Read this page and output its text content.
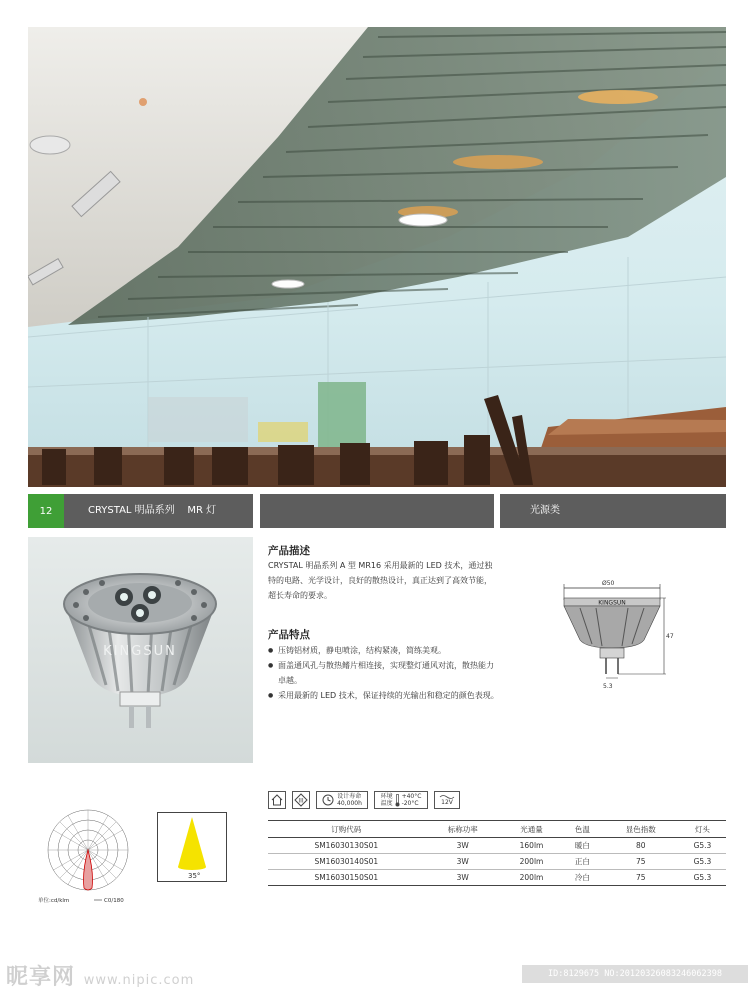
12	CRYSTAL 明晶系列    MR 灯	光源类
KINGSUN
产品描述
CRYSTAL 明晶系列 A 型 MR16 采用最新的 LED 技术，通过独特的电路、光学设计，良好的散热设计，真正达到了高效节能，超长寿命的要求。
产品特点
● 压铸铝材质，静电喷涂，结构紧凑，简练美观。
● 面盖通风孔与散热鳍片相连接，实现整灯通风对流，散热能力卓越。
● 采用最新的 LED 技术，保证持续的光输出和稳定的颜色表现。
Ø50
KINGSUN
47
5.3
单位:cd/klm	C0/180
35°
III
设计寿命
40,000h
环境
温度
+40°C
-20°C	12V
订购代码	标称功率	光通量	色温	显色指数	灯头
SM16030130S01	3W	160lm	暖白	80	G5.3
SM16030140S01	3W	200lm	正白	75	G5.3
SM16030150S01	3W	200lm	冷白	75	G5.3
昵享网 www.nipic.com	ID:8129675 NO:20120326083246062398
